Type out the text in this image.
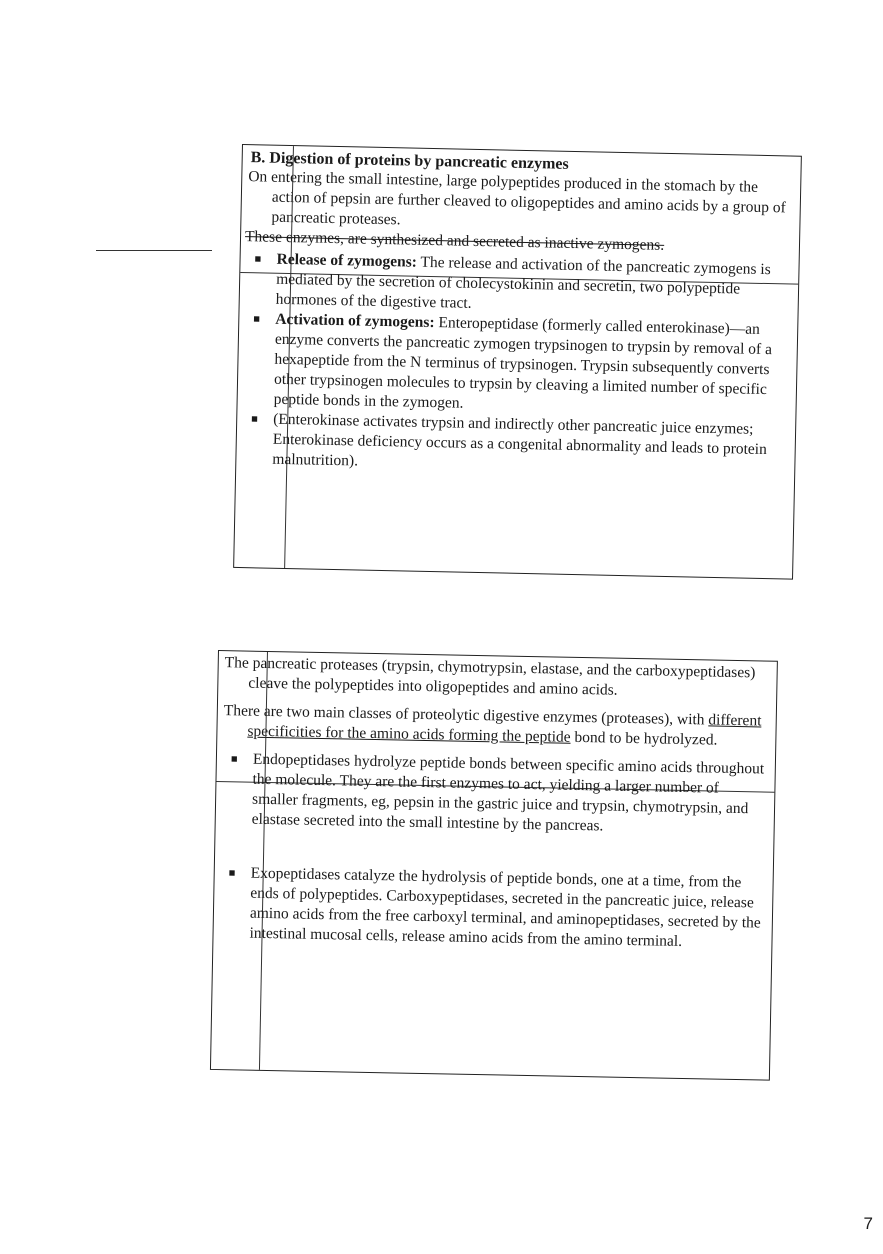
B. Digestion of proteins by pancreatic enzymes

On entering the small intestine, large polypeptides produced in the stomach by the action of pepsin are further cleaved to oligopeptides and amino acids by a group of pancreatic proteases.

These enzymes, are synthesized and secreted as inactive zymogens.
■ Release of zymogens: The release and activation of the pancreatic zymogens is mediated by the secretion of cholecystokinin and secretin, two polypeptide hormones of the digestive tract.
■ Activation of zymogens: Enteropeptidase (formerly called enterokinase)—an enzyme converts the pancreatic zymogen trypsinogen to trypsin by removal of a hexapeptide from the N terminus of trypsinogen. Trypsin subsequently converts other trypsinogen molecules to trypsin by cleaving a limited number of specific peptide bonds in the zymogen.
■ (Enterokinase activates trypsin and indirectly other pancreatic juice enzymes; Enterokinase deficiency occurs as a congenital abnormality and leads to protein malnutrition).

The pancreatic proteases (trypsin, chymotrypsin, elastase, and the carboxypeptidases) cleave the polypeptides into oligopeptides and amino acids.

There are two main classes of proteolytic digestive enzymes (proteases), with different specificities for the amino acids forming the peptide bond to be hydrolyzed.

■ Endopeptidases hydrolyze peptide bonds between specific amino acids throughout the molecule. They are the first enzymes to act, yielding a larger number of smaller fragments, eg, pepsin in the gastric juice and trypsin, chymotrypsin, and elastase secreted into the small intestine by the pancreas.
■ Exopeptidases catalyze the hydrolysis of peptide bonds, one at a time, from the ends of polypeptides. Carboxypeptidases, secreted in the pancreatic juice, release amino acids from the free carboxyl terminal, and aminopeptidases, secreted by the intestinal mucosal cells, release amino acids from the amino terminal.
7
